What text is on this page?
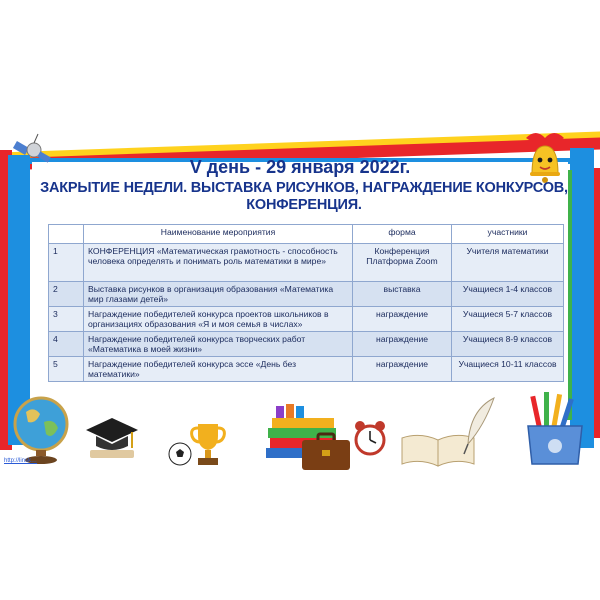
V день - 29 января 2022г.
ЗАКРЫТИЕ НЕДЕЛИ. ВЫСТАВКА РИСУНКОВ, НАГРАЖДЕНИЕ КОНКУРСОВ, КОНФЕРЕНЦИЯ.
	Наименование мероприятия	форма	участники
1	КОНФЕРЕНЦИЯ «Математическая грамотность - способность человека определять и понимать роль математики в мире»	Конференция Платформа Zoom	Учителя математики
2	Выставка рисунков в организация образования «Математика мир глазами детей»	выставка	Учащиеся 1-4 классов
3	Награждение победителей конкурса проектов школьников в организациях образования «Я и моя семья в числах»	награждение	Учащиеся 5-7 классов
4	Награждение победителей конкурса творческих работ «Математика в моей жизни»	награждение	Учащиеся 8-9 классов
5	Награждение победителей конкурса эссе «День без математики»	награждение	Учащиеся 10-11 классов
http://linsk…
